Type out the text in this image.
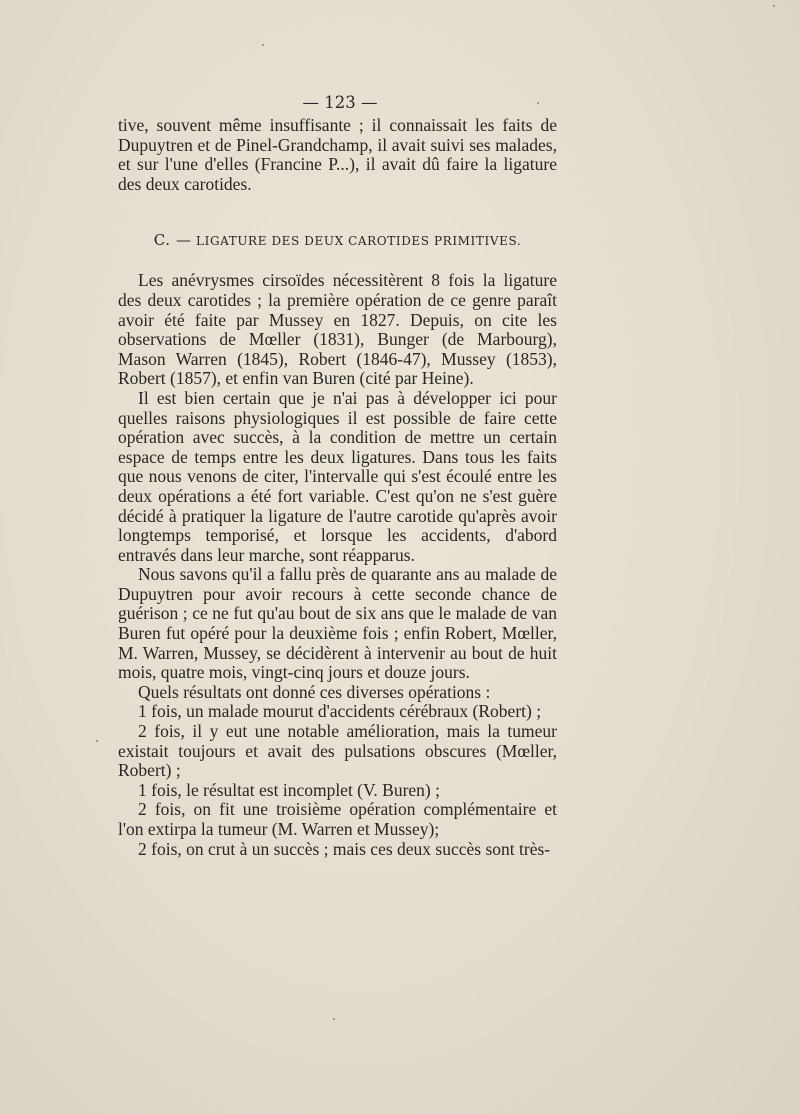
— 123 —

tive, souvent même insuffisante ; il connaissait les faits de Dupuytren et de Pinel-Grandchamp, il avait suivi ses malades, et sur l'une d'elles (Francine P...), il avait dû faire la ligature des deux carotides.

C. — LIGATURE DES DEUX CAROTIDES PRIMITIVES.

Les anévrysmes cirsoïdes nécessitèrent 8 fois la ligature des deux carotides ; la première opération de ce genre paraît avoir été faite par Mussey en 1827. Depuis, on cite les observations de Mœller (1831), Bunger (de Marbourg), Mason Warren (1845), Robert (1846-47), Mussey (1853), Robert (1857), et enfin van Buren (cité par Heine).

Il est bien certain que je n'ai pas à développer ici pour quelles raisons physiologiques il est possible de faire cette opération avec succès, à la condition de mettre un certain espace de temps entre les deux ligatures. Dans tous les faits que nous venons de citer, l'intervalle qui s'est écoulé entre les deux opérations a été fort variable. C'est qu'on ne s'est guère décidé à pratiquer la ligature de l'autre carotide qu'après avoir longtemps temporisé, et lorsque les accidents, d'abord entravés dans leur marche, sont réapparus.

Nous savons qu'il a fallu près de quarante ans au malade de Dupuytren pour avoir recours à cette seconde chance de guérison ; ce ne fut qu'au bout de six ans que le malade de van Buren fut opéré pour la deuxième fois ; enfin Robert, Mœller, M. Warren, Mussey, se décidèrent à intervenir au bout de huit mois, quatre mois, vingt-cinq jours et douze jours.

Quels résultats ont donné ces diverses opérations :

1 fois, un malade mourut d'accidents cérébraux (Robert) ;

2 fois, il y eut une notable amélioration, mais la tumeur existait toujours et avait des pulsations obscures (Mœller, Robert) ;

1 fois, le résultat est incomplet (V. Buren) ;

2 fois, on fit une troisième opération complémentaire et l'on extirpa la tumeur (M. Warren et Mussey);

2 fois, on crut à un succès ; mais ces deux succès sont très-
